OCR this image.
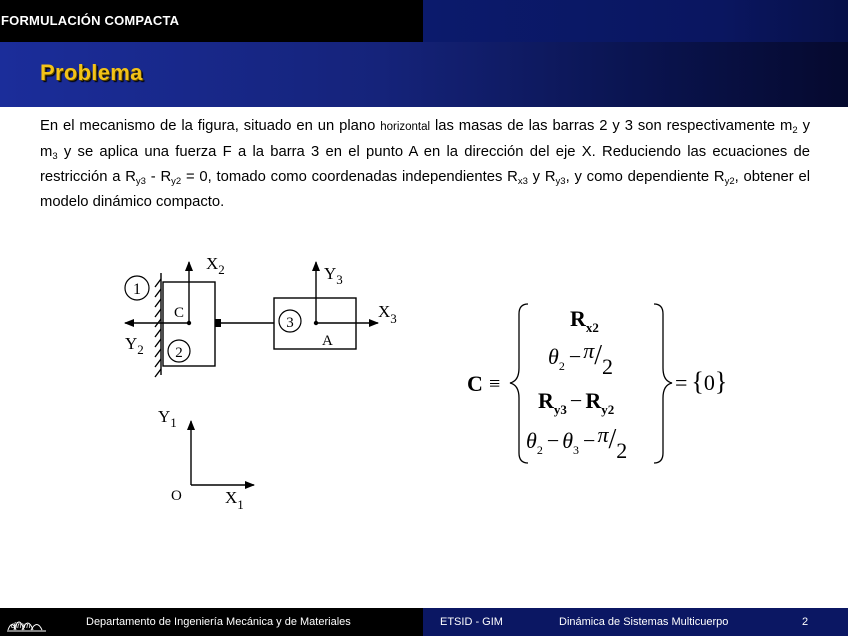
FORMULACIÓN COMPACTA
Problema
En el mecanismo de la figura, situado en un plano horizontal las masas de las barras 2 y 3 son respectivamente $m_2$ y $m_3$ y se aplica una fuerza F a la barra 3 en el punto A en la dirección del eje X. Reduciendo las ecuaciones de restricción a $R_{y3} - R_{y2} = 0$, tomado como coordenadas independientes $R_{x3}$ y $R_{y3}$, y como dependiente $R_{y2}$, obtener el modelo dinámico compacto.
1
2
3
C
A
$X_2$
$Y_2$
$Y_3$
$X_3$
$Y_1$
$X_1$
O
C ≡
$R_{x2}$
$\theta_2 -\pi/2$
$R_{y3} - R_{y2}$
$\theta_2 - \theta_3 -\pi/2$
= {0}
dimm	Departamento de Ingeniería Mecánica y de Materiales	ETSID - GIM	Dinámica de Sistemas Multicuerpo	2
